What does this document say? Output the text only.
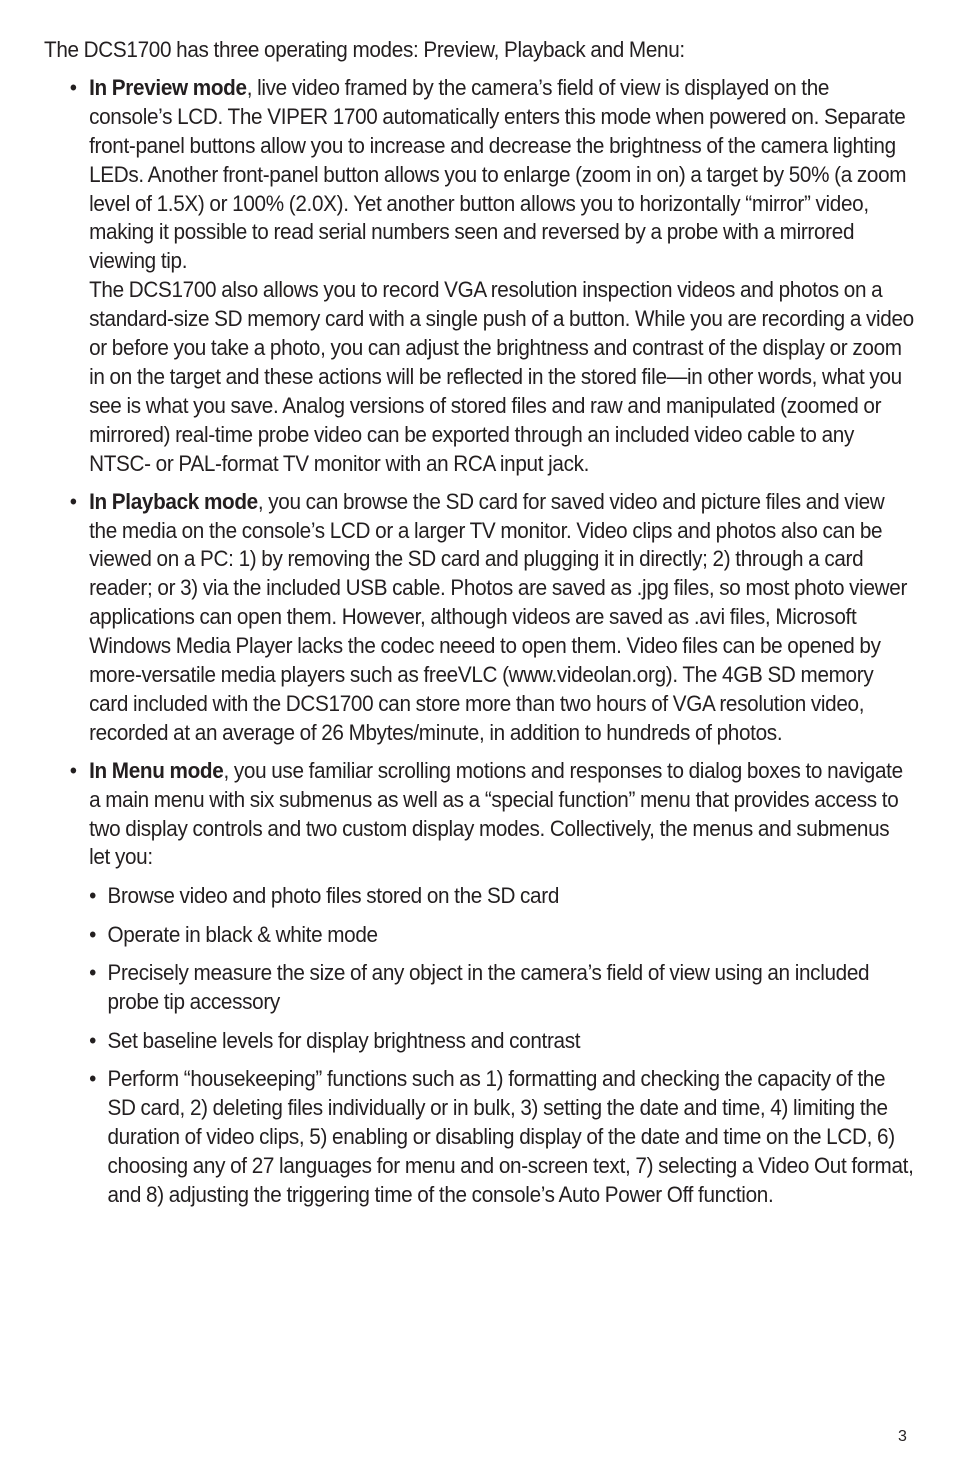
The DCS1700 has three operating modes: Preview, Playback and Menu:

• In Preview mode, live video framed by the camera’s field of view is displayed on the console’s LCD. The VIPER 1700 automatically enters this mode when powered on. Separate front-panel buttons allow you to increase and decrease the brightness of the camera lighting LEDs. Another front-panel button allows you to enlarge (zoom in on) a target by 50% (a zoom level of 1.5X) or 100% (2.0X). Yet another button allows you to horizontally “mirror” video, making it possible to read serial numbers seen and reversed by a probe with a mirrored viewing tip.

The DCS1700 also allows you to record VGA resolution inspection videos and photos on a standard-size SD memory card with a single push of a button. While you are recording a video or before you take a photo, you can adjust the brightness and contrast of the display or zoom in on the target and these actions will be reflected in the stored file—in other words, what you see is what you save. Analog versions of stored files and raw and manipulated (zoomed or mirrored) real-time probe video can be exported through an included video cable to any NTSC- or PAL-format TV monitor with an RCA input jack.

• In Playback mode, you can browse the SD card for saved video and picture files and view the media on the console’s LCD or a larger TV monitor. Video clips and photos also can be viewed on a PC: 1) by removing the SD card and plugging it in directly; 2) through a card reader; or 3) via the included USB cable. Photos are saved as .jpg files, so most photo viewer applications can open them. However, although videos are saved as .avi files, Microsoft Windows Media Player lacks the codec neeed to open them. Video files can be opened by more-versatile media players such as freeVLC (www.videolan.org). The 4GB SD memory card included with the DCS1700 can store more than two hours of VGA resolution video, recorded at an average of 26 Mbytes/minute, in addition to hundreds of photos.

• In Menu mode, you use familiar scrolling motions and responses to dialog boxes to navigate a main menu with six submenus as well as a “special function” menu that provides access to two display controls and two custom display modes. Collectively, the menus and submenus let you:

• Browse video and photo files stored on the SD card
• Operate in black & white mode
• Precisely measure the size of any object in the camera’s field of view using an included probe tip accessory
• Set baseline levels for display brightness and contrast
• Perform “housekeeping” functions such as 1) formatting and checking the capacity of the SD card, 2) deleting files individually or in bulk, 3) setting the date and time, 4) limiting the duration of video clips, 5) enabling or disabling display of the date and time on the LCD, 6) choosing any of 27 languages for menu and on-screen text, 7) selecting a Video Out format, and 8) adjusting the triggering time of the console’s Auto Power Off function.
3
